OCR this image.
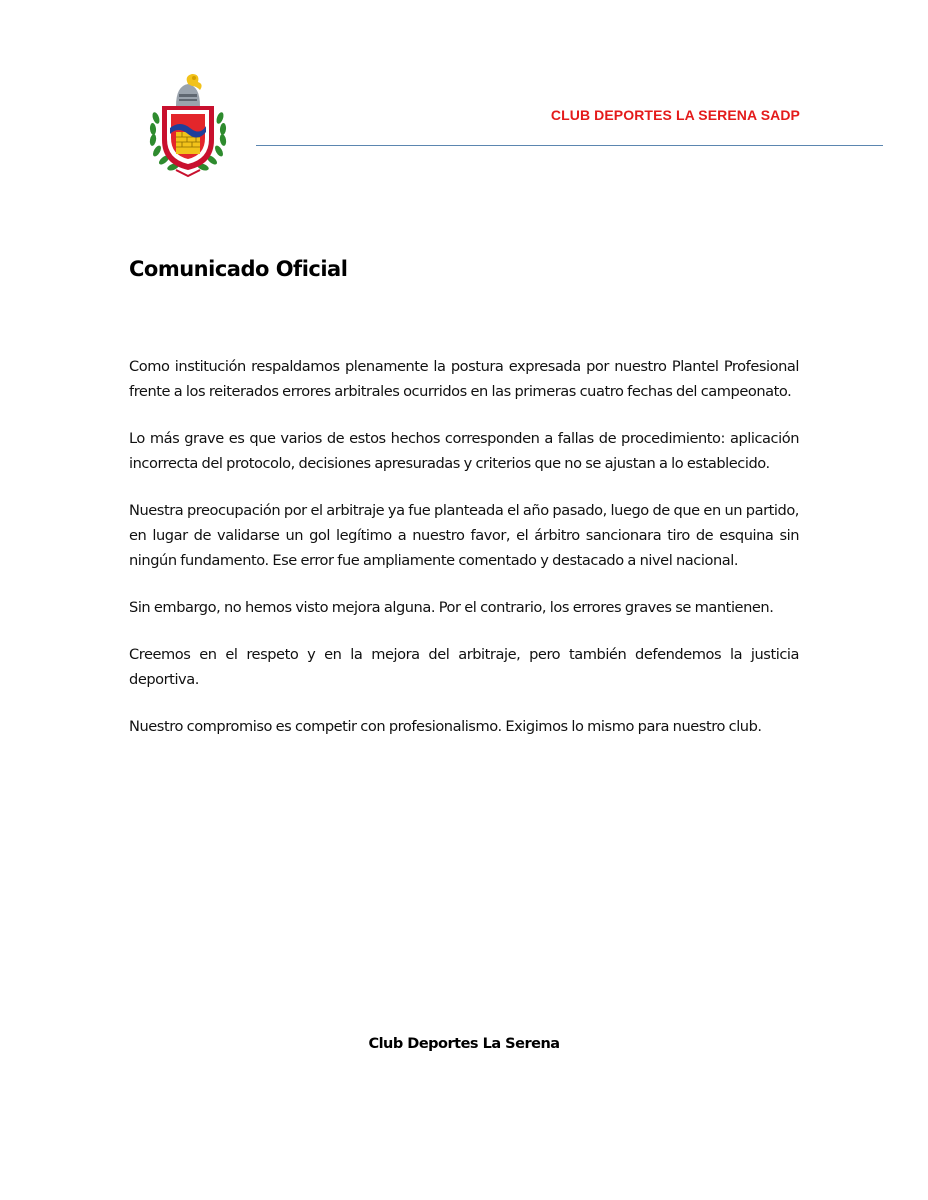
CLUB DEPORTES LA SERENA SADP
Comunicado Oficial

Como institución respaldamos plenamente la postura expresada por nuestro Plantel Profesional frente a los reiterados errores arbitrales ocurridos en las primeras cuatro fechas del campeonato.

Lo más grave es que varios de estos hechos corresponden a fallas de procedimiento: aplicación incorrecta del protocolo, decisiones apresuradas y criterios que no se ajustan a lo establecido.

Nuestra preocupación por el arbitraje ya fue planteada el año pasado, luego de que en un partido, en lugar de validarse un gol legítimo a nuestro favor, el árbitro sancionara tiro de esquina sin ningún fundamento. Ese error fue ampliamente comentado y destacado a nivel nacional.

Sin embargo, no hemos visto mejora alguna. Por el contrario, los errores graves se mantienen.

Creemos en el respeto y en la mejora del arbitraje, pero también defendemos la justicia deportiva.

Nuestro compromiso es competir con profesionalismo. Exigimos lo mismo para nuestro club.

Club Deportes La Serena
